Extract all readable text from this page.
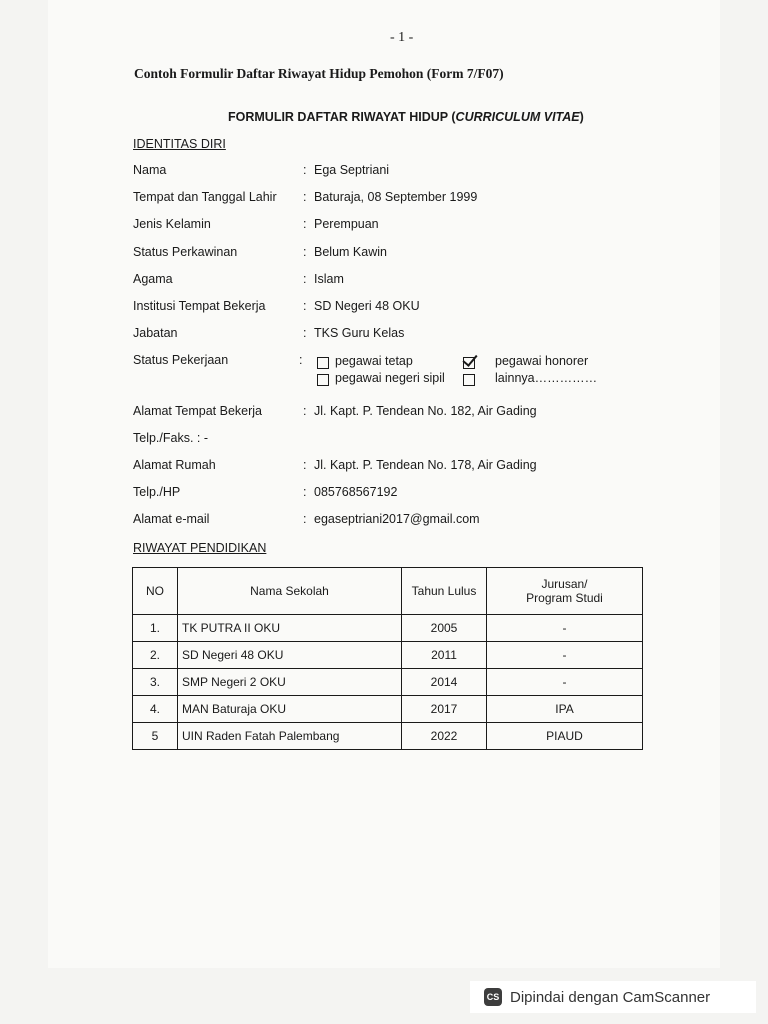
- 1 -
Contoh Formulir Daftar Riwayat Hidup Pemohon (Form 7/F07)
FORMULIR DAFTAR RIWAYAT HIDUP (CURRICULUM VITAE)
IDENTITAS DIRI
Nama	: Ega Septriani
Tempat dan Tanggal Lahir : Baturaja, 08 September 1999
Jenis Kelamin	: Perempuan
Status Perkawinan	: Belum Kawin
Agama	: Islam
Institusi Tempat Bekerja	: SD Negeri 48 OKU
Jabatan	: TKS Guru Kelas
Status Pekerjaan	:	pegawai tetap	pegawai honorer
pegawai negeri sipil	lainnya……………
Alamat Tempat Bekerja	: Jl. Kapt. P. Tendean No. 182, Air Gading
Telp./Faks. : -
Alamat Rumah	: Jl. Kapt. P. Tendean No. 178, Air Gading
Telp./HP	: 085768567192
Alamat e-mail	: egaseptriani2017@gmail.com
RIWAYAT PENDIDIKAN
NO	Nama Sekolah	Tahun Lulus	Jurusan/
Program Studi
1.	TK PUTRA II OKU	2005	-
2.	SD Negeri 48 OKU	2011	-
3.	SMP Negeri 2 OKU	2014	-
4.	MAN Baturaja OKU	2017	IPA
5	UIN Raden Fatah Palembang	2022	PIAUD
CS Dipindai dengan CamScanner
